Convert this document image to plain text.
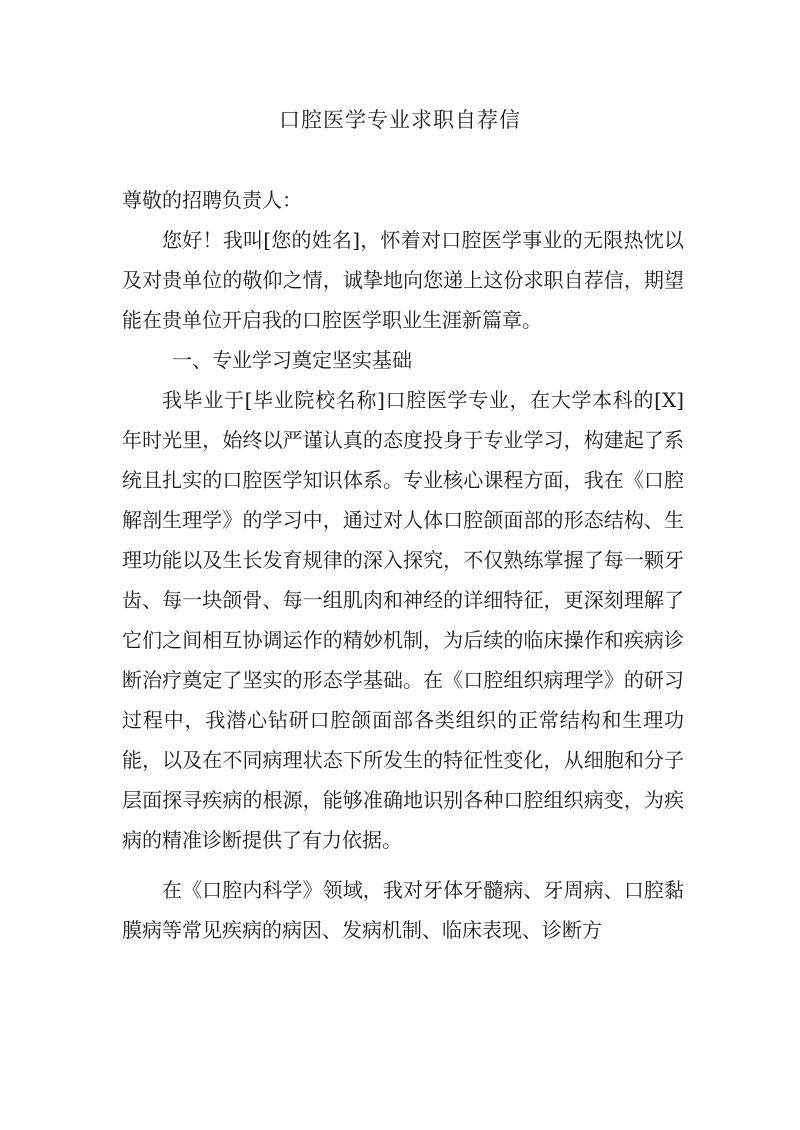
口腔医学专业求职自荐信

尊敬的招聘负责人：

您好！我叫[您的姓名]，怀着对口腔医学事业的无限热忱以及对贵单位的敬仰之情，诚挚地向您递上这份求职自荐信，期望能在贵单位开启我的口腔医学职业生涯新篇章。

一、专业学习奠定坚实基础

我毕业于[毕业院校名称]口腔医学专业，在大学本科的[X]年时光里，始终以严谨认真的态度投身于专业学习，构建起了系统且扎实的口腔医学知识体系。专业核心课程方面，我在《口腔解剖生理学》的学习中，通过对人体口腔颌面部的形态结构、生理功能以及生长发育规律的深入探究，不仅熟练掌握了每一颗牙齿、每一块颌骨、每一组肌肉和神经的详细特征，更深刻理解了它们之间相互协调运作的精妙机制，为后续的临床操作和疾病诊断治疗奠定了坚实的形态学基础。在《口腔组织病理学》的研习过程中，我潜心钻研口腔颌面部各类组织的正常结构和生理功能，以及在不同病理状态下所发生的特征性变化，从细胞和分子层面探寻疾病的根源，能够准确地识别各种口腔组织病变，为疾病的精准诊断提供了有力依据。

在《口腔内科学》领域，我对牙体牙髓病、牙周病、口腔黏膜病等常见疾病的病因、发病机制、临床表现、诊断方
